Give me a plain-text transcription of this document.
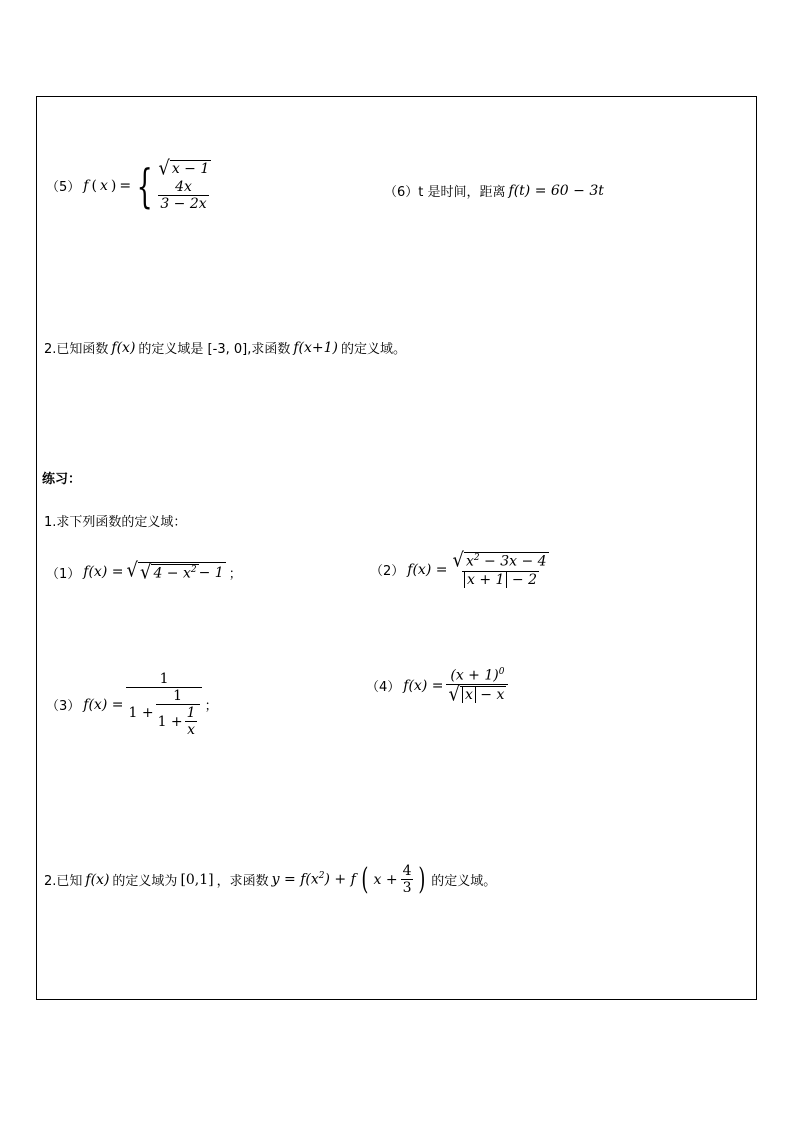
（5） f ( x ) = { √ x − 1
$\frac{4x}{3 - 2x}$	（6）t 是时间，距离 f(t) = 60 − 3t
2.已知函数 f(x) 的定义域是 [-3, 0],求函数 f(x+1) 的定义域。
练习：
1.求下列函数的定义域：
（1） f(x) = √ √ $4 - x^2 - 1$ ；	（2） $f(x) = \frac{√ x^2 - 3x - 4}{x + 1 - 2}$
（3） $f(x) = \frac{1}{1 + \frac{1}{1 + \frac{1}{x}}}$ ；
（4） $f(x) = \frac{(x + 1)^0}{√ x - x}$
2.已知 f(x) 的定义域为 [0,1] ，求函数 $y = f(x^2) + f$ ( $x + \frac{4}{3}$ ) 的定义域。
